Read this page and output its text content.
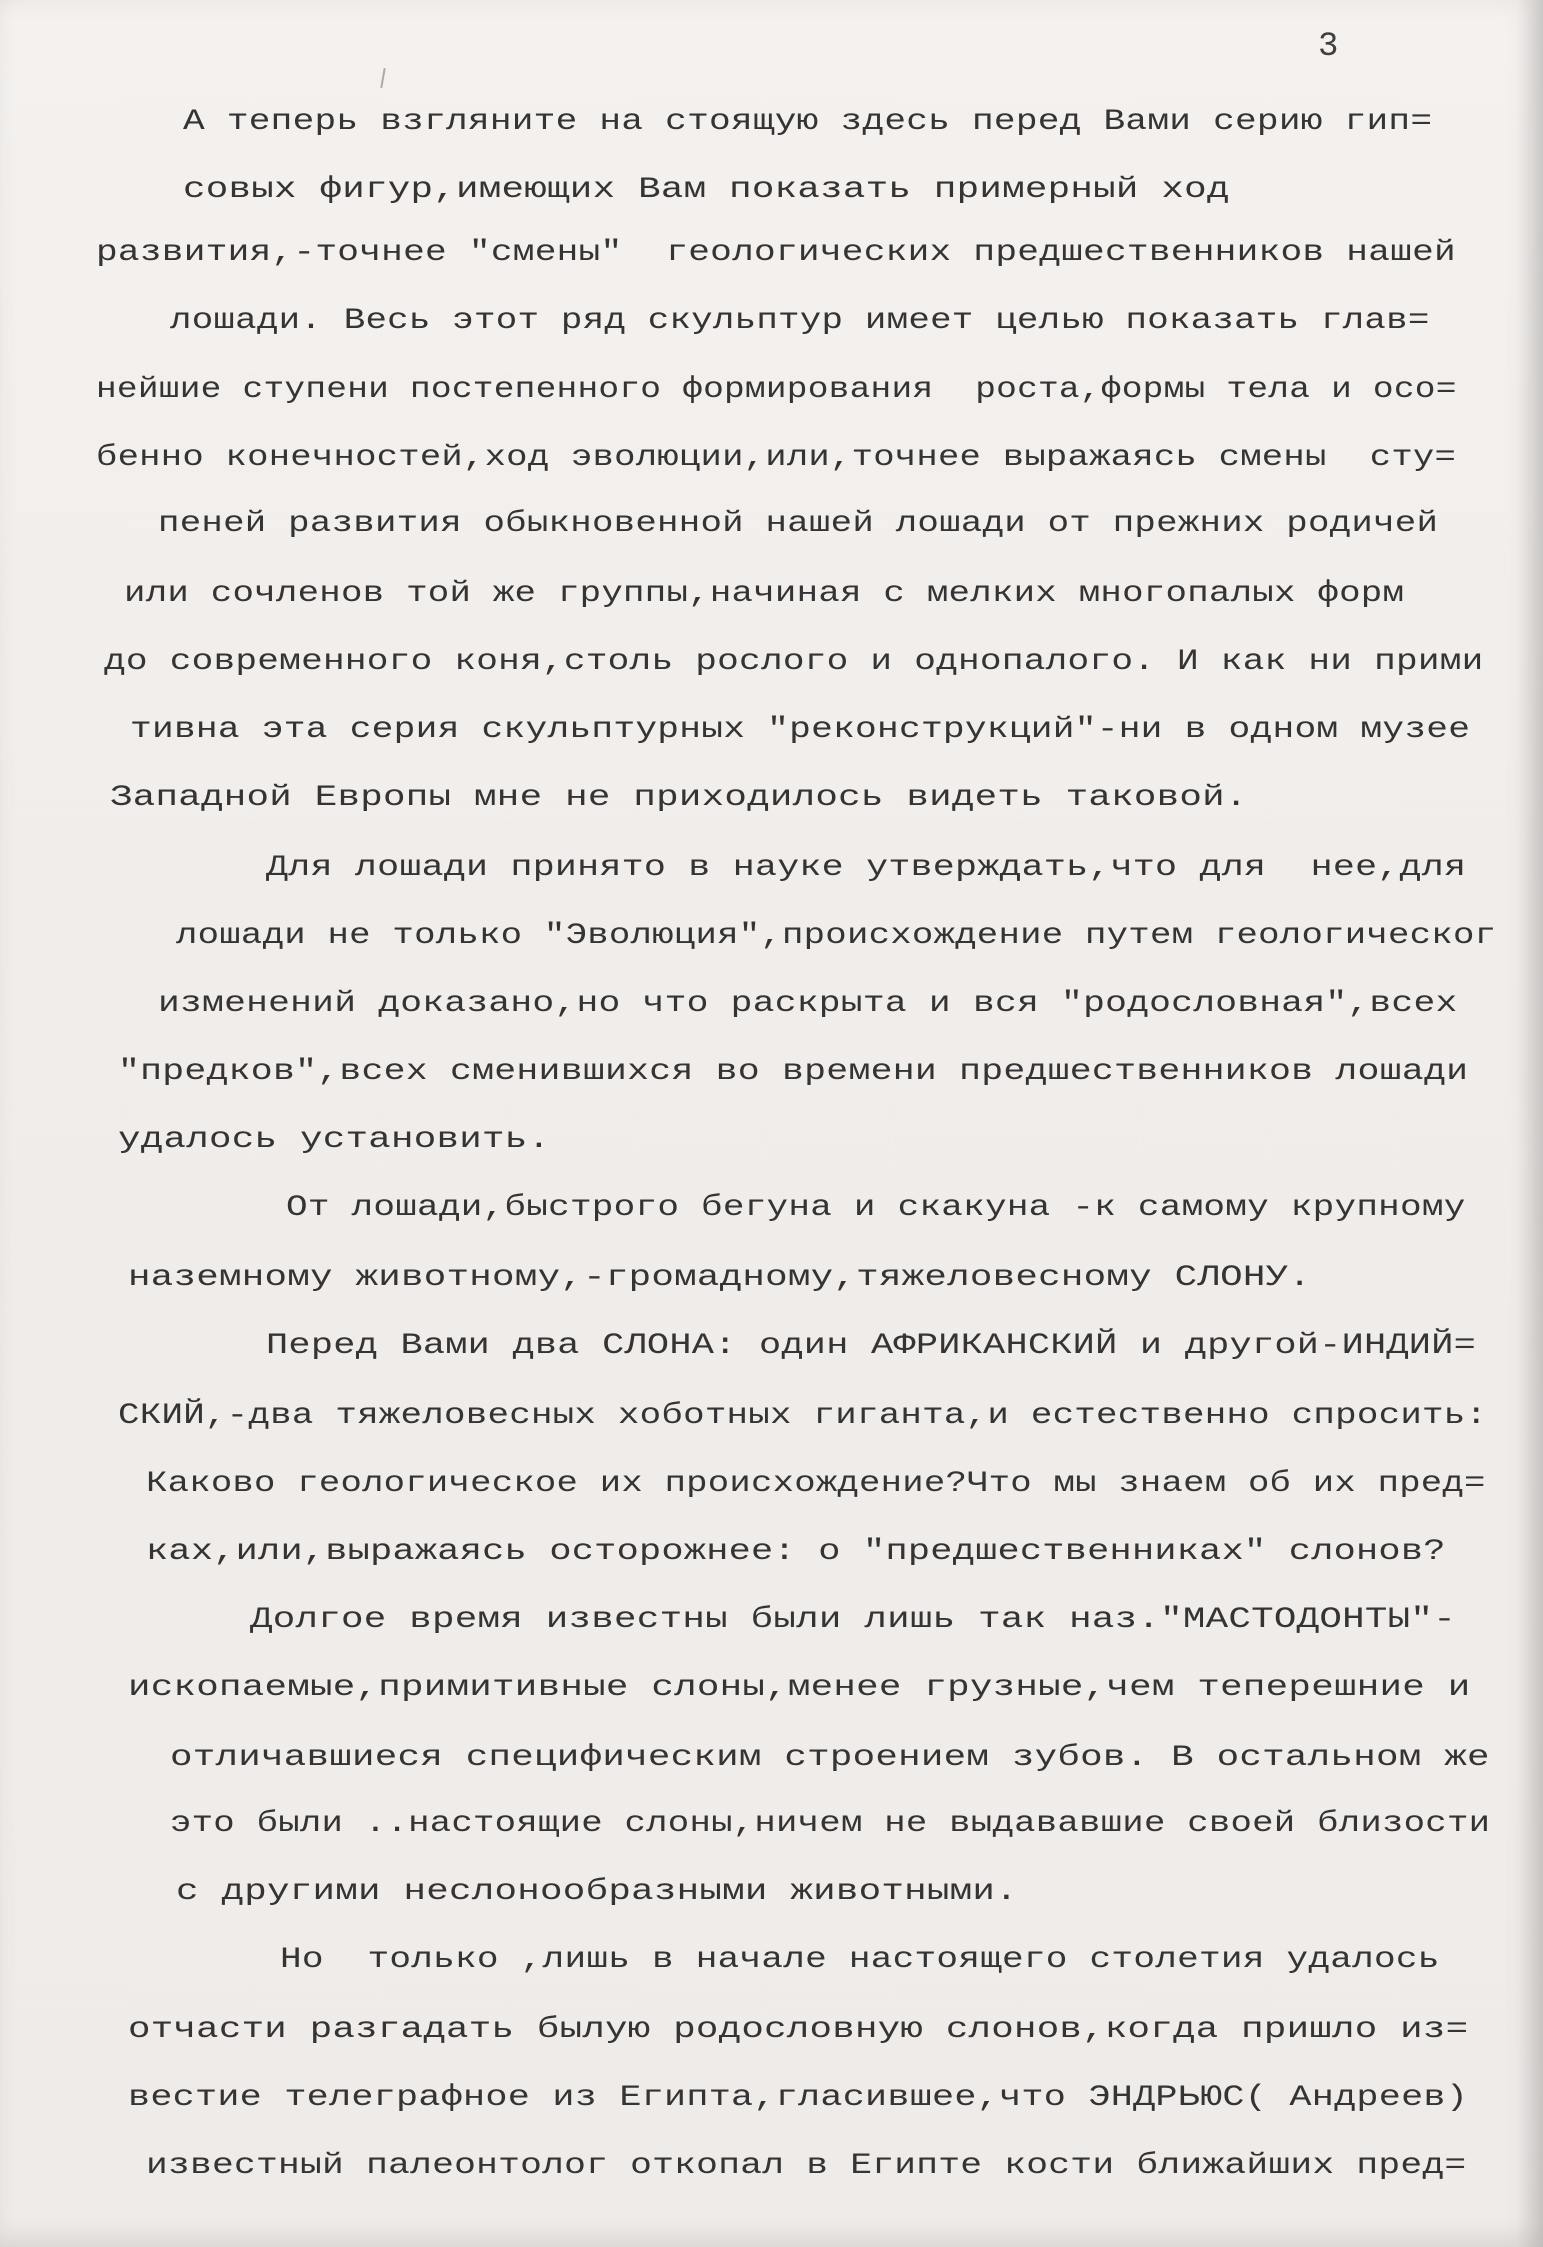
3
А теперь взгляните на стоящую здесь перед Вами серию гип=
совых фигур,имеющих Вам показать примерный ход
развития,-точнее "смены"  геологических предшественников нашей
лошади. Весь этот ряд скульптур имеет целью показать глав=
нейшие ступени постепенного формирования  роста,формы тела и осо=
бенно конечностей,ход эволюции,или,точнее выражаясь смены  сту=
пеней развития обыкновенной нашей лошади от прежних родичей
или сочленов той же группы,начиная с мелких многопалых форм
до современного коня,столь рослого и однопалого. И как ни прими
тивна эта серия скульптурных "реконструкций"-ни в одном музее
Западной Европы мне не приходилось видеть таковой.
Для лошади принято в науке утверждать,что для  нее,для
лошади не только "Эволюция",происхождение путем геологическог
изменений доказано,но что раскрыта и вся "родословная",всех
"предков",всех сменившихся во времени предшественников лошади
удалось установить.
От лошади,быстрого бегуна и скакуна -к самому крупному
наземному животному,-громадному,тяжеловесному СЛОНУ.
Перед Вами два СЛОНА: один АФРИКАНСКИЙ и другой-ИНДИЙ=
СКИЙ,-два тяжеловесных хоботных гиганта,и естественно спросить:
Каково геологическое их происхождение?Что мы знаем об их пред=
ках,или,выражаясь осторожнее: о "предшественниках" слонов?
Долгое время известны были лишь так наз."МАСТОДОНТЫ"-
ископаемые,примитивные слоны,менее грузные,чем теперешние и
отличавшиеся специфическим строением зубов. В остальном же
это были ..настоящие слоны,ничем не выдававшие своей близости
с другими неслонообразными животными.
Но  только ,лишь в начале настоящего столетия удалось
отчасти разгадать былую родословную слонов,когда пришло из=
вестие телеграфное из Египта,гласившее,что ЭНДРЬЮС( Андреев)
известный палеонтолог откопал в Египте кости ближайших пред=
